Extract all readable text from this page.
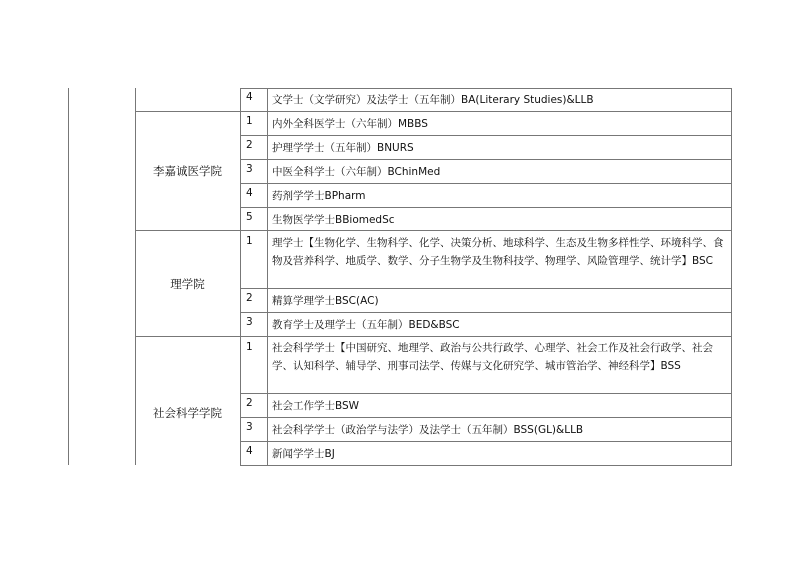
4 文学士（文学研究）及法学士（五年制）BA(Literary Studies)&LLB
李嘉诚医学院
1 内外全科医学士（六年制）MBBS
2 护理学学士（五年制）BNURS
3 中医全科学士（六年制）BChinMed
4 药剂学学士BPharm
5 生物医学学士BBiomedSc
理学院
1 理学士【生物化学、生物科学、化学、决策分析、地球科学、生态及生物多样性学、环境科学、食物及营养科学、地质学、数学、分子生物学及生物科技学、物理学、风险管理学、统计学】BSC
2 精算学理学士BSC(AC)
3 教育学士及理学士（五年制）BED&BSC
社会科学学院
1 社会科学学士【中国研究、地理学、政治与公共行政学、心理学、社会工作及社会行政学、社会学、认知科学、辅导学、刑事司法学、传媒与文化研究学、城市管治学、神经科学】BSS
2 社会工作学士BSW
3 社会科学学士（政治学与法学）及法学士（五年制）BSS(GL)&LLB
4 新闻学学士BJ
